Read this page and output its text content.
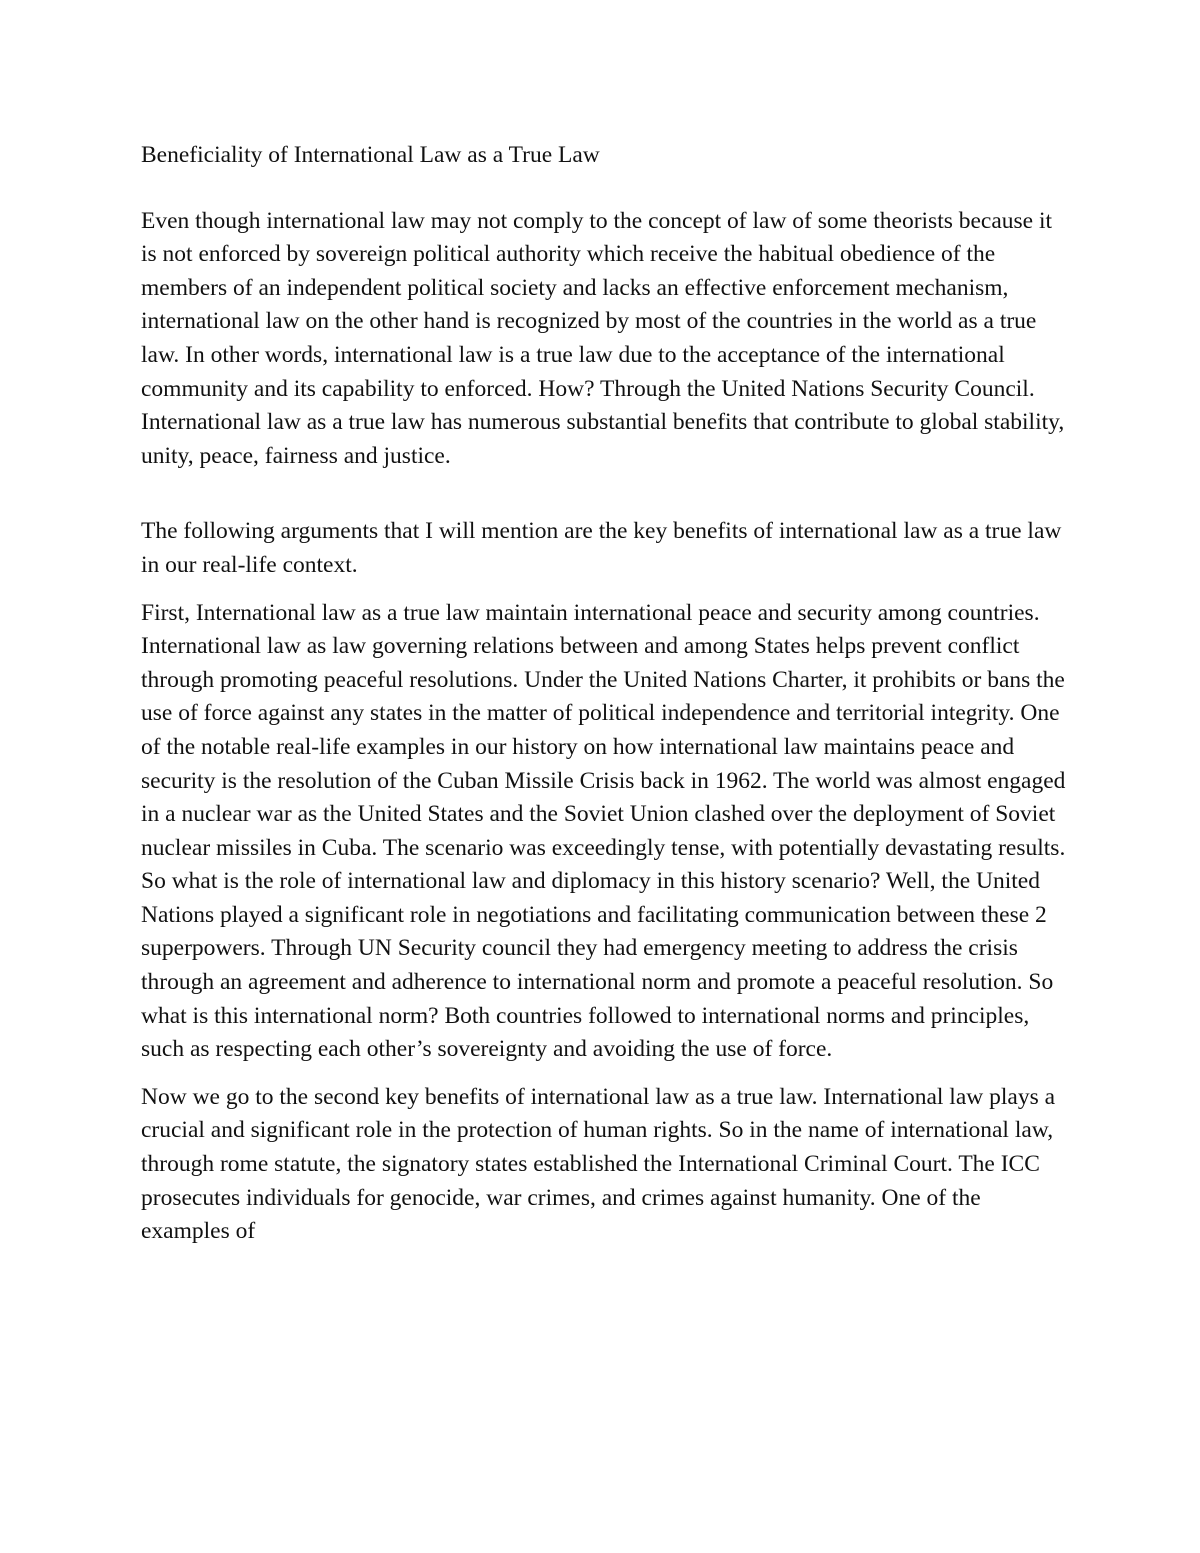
Beneficiality of International Law as a True Law

Even though international law may not comply to the concept of law of some theorists because it is not enforced by sovereign political authority which receive the habitual obedience of the members of an independent political society and lacks an effective enforcement mechanism, international law on the other hand is recognized by most of the countries in the world as a true law. In other words, international law is a true law due to the acceptance of the international community and its capability to enforced. How? Through the United Nations Security Council. International law as a true law has numerous substantial benefits that contribute to global stability, unity, peace, fairness and justice.

The following arguments that I will mention are the key benefits of international law as a true law in our real-life context.

First, International law as a true law maintain international peace and security among countries. International law as law governing relations between and among States helps prevent conflict through promoting peaceful resolutions. Under the United Nations Charter, it prohibits or bans the use of force against any states in the matter of political independence and territorial integrity. One of the notable real-life examples in our history on how international law maintains peace and security is the resolution of the Cuban Missile Crisis back in 1962. The world was almost engaged in a nuclear war as the United States and the Soviet Union clashed over the deployment of Soviet nuclear missiles in Cuba. The scenario was exceedingly tense, with potentially devastating results. So what is the role of international law and diplomacy in this history scenario? Well, the United Nations played a significant role in negotiations and facilitating communication between these 2 superpowers. Through UN Security council they had emergency meeting to address the crisis through an agreement and adherence to international norm and promote a peaceful resolution. So what is this international norm? Both countries followed to international norms and principles, such as respecting each other’s sovereignty and avoiding the use of force.

Now we go to the second key benefits of international law as a true law. International law plays a crucial and significant role in the protection of human rights. So in the name of international law, through rome statute, the signatory states established the International Criminal Court. The ICC prosecutes individuals for genocide, war crimes, and crimes against humanity. One of the examples of
